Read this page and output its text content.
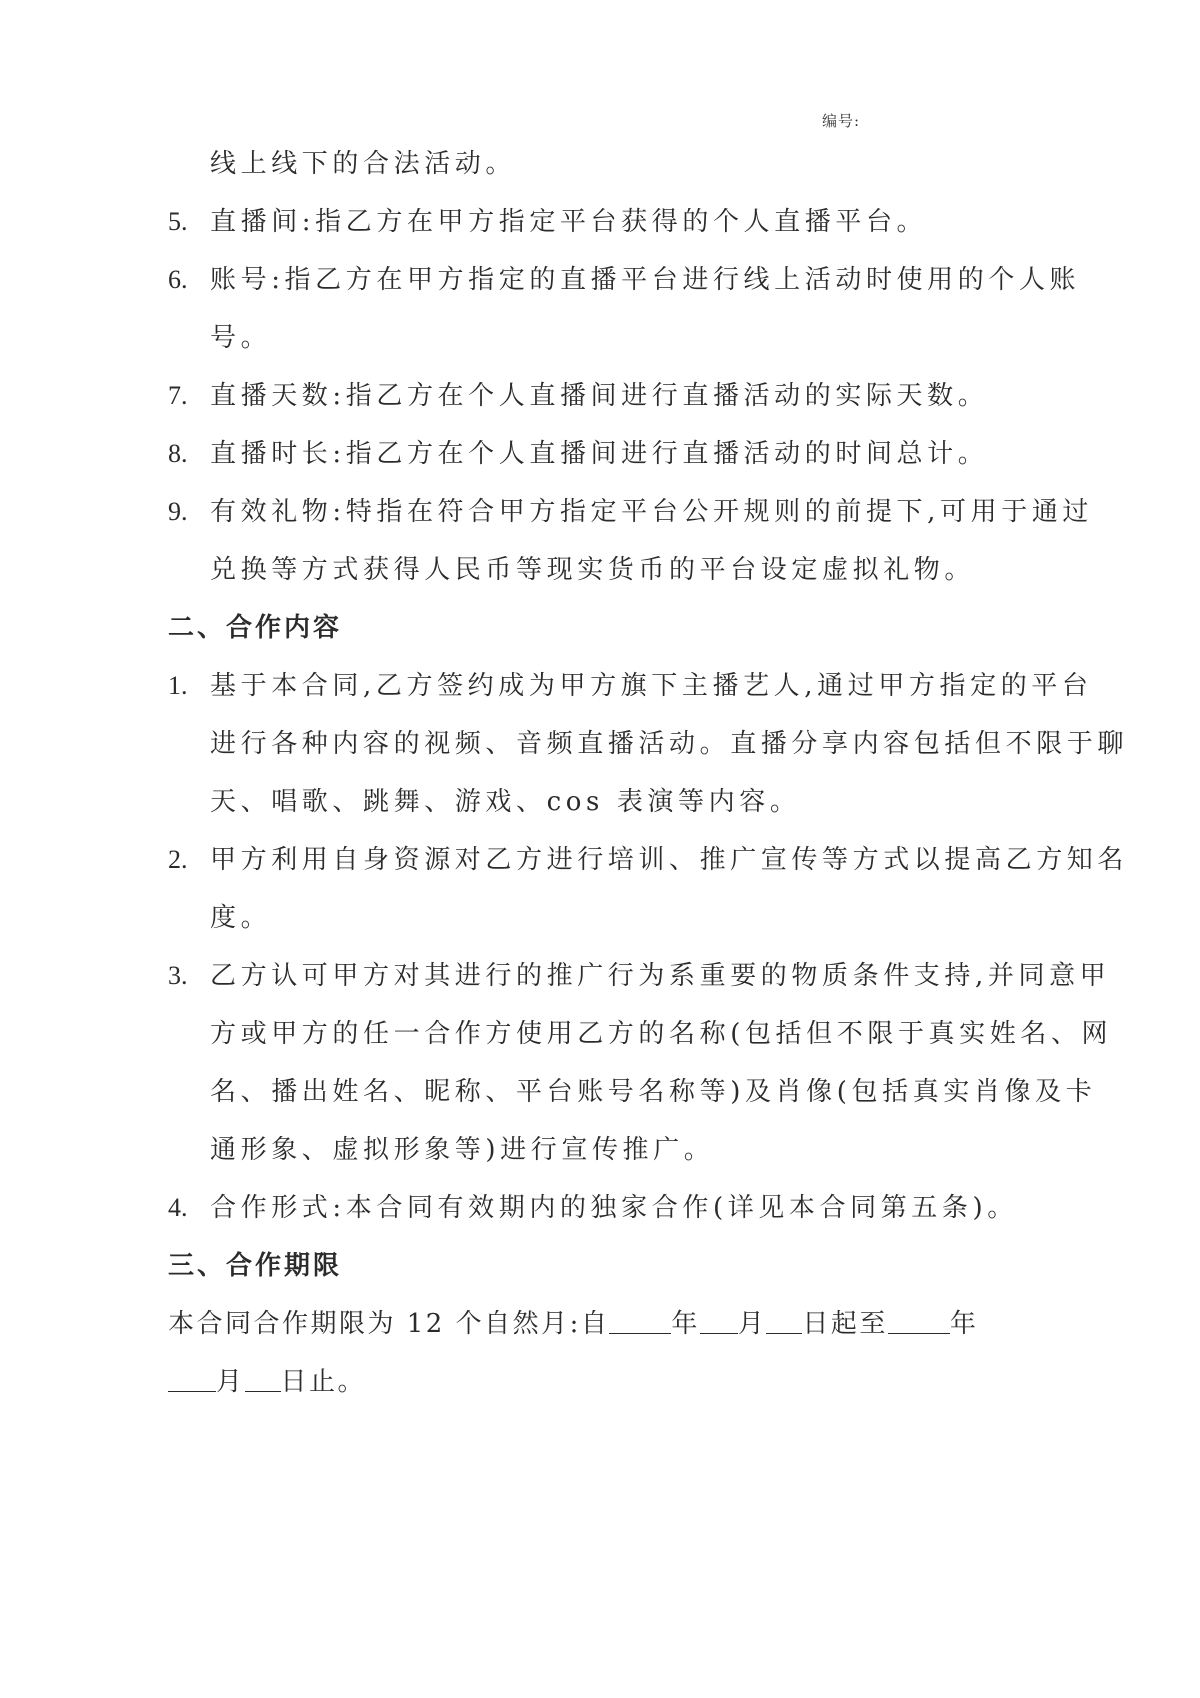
编号:
线上线下的合法活动。
5. 直播间:指乙方在甲方指定平台获得的个人直播平台。
6. 账号:指乙方在甲方指定的直播平台进行线上活动时使用的个人账
号。
7. 直播天数:指乙方在个人直播间进行直播活动的实际天数。
8. 直播时长:指乙方在个人直播间进行直播活动的时间总计。
9. 有效礼物:特指在符合甲方指定平台公开规则的前提下,可用于通过
兑换等方式获得人民币等现实货币的平台设定虚拟礼物。
二、合作内容
1. 基于本合同,乙方签约成为甲方旗下主播艺人,通过甲方指定的平台
进行各种内容的视频、音频直播活动。直播分享内容包括但不限于聊
天、唱歌、跳舞、游戏、cos 表演等内容。
2. 甲方利用自身资源对乙方进行培训、推广宣传等方式以提高乙方知名
度。
3. 乙方认可甲方对其进行的推广行为系重要的物质条件支持,并同意甲
方或甲方的任一合作方使用乙方的名称(包括但不限于真实姓名、网
名、播出姓名、昵称、平台账号名称等)及肖像(包括真实肖像及卡
通形象、虚拟形象等)进行宣传推广。
4. 合作形式:本合同有效期内的独家合作(详见本合同第五条)。
三、合作期限
本合同合作期限为 12 个自然月:自 年 月 日起至 年
月 日止。
